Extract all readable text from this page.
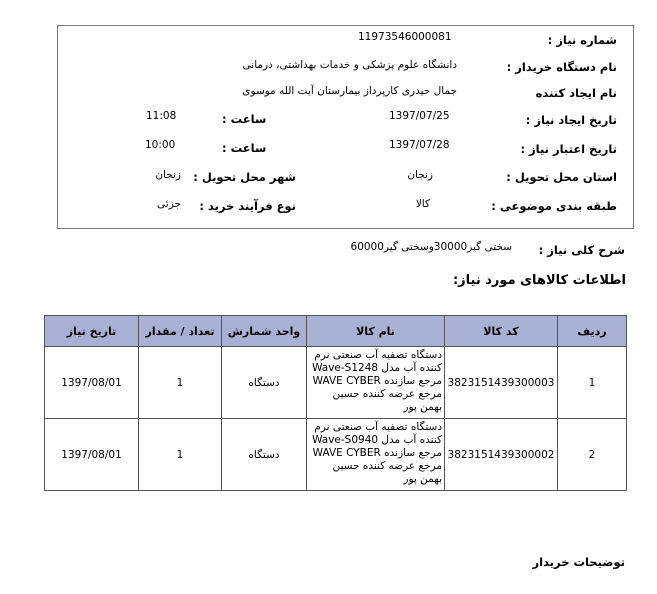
شماره نیاز :
11973546000081
نام دستگاه خریدار :
دانشگاه علوم پزشکی و خدمات بهداشتی، درمانی
نام ایجاد کننده
جمال حیدری کارپرداز بیمارستان آیت الله موسوی
تاریخ ایجاد نیاز :
1397/07/25
ساعت :
11:08
تاریخ اعتبار نیاز :
1397/07/28
ساعت :
10:00
استان محل تحویل :
زنجان
شهر محل تحویل :
زنجان
طبقه بندی موضوعی :
کالا
نوع فرآیند خرید :
جزئی
شرح کلی نیاز :
سختی گیر30000وسختی گیر60000
اطلاعات کالاهای مورد نیاز:
ردیف	کد کالا	نام کالا	واحد شمارش	تعداد / مقدار	تاریخ نیاز
1	3823151439300003	دستگاه تصفیه آب صنعتی نرم کننده آب مدل Wave-S1248 مرجع سازنده WAVE CYBER مرجع عرضه کننده حسین بهمن پور	دستگاه	1	1397/08/01
2	3823151439300002	دستگاه تصفیه آب صنعتی نرم کننده آب مدل Wave-S0940 مرجع سازنده WAVE CYBER مرجع عرضه کننده حسین بهمن پور	دستگاه	1	1397/08/01
توضیحات خریدار
